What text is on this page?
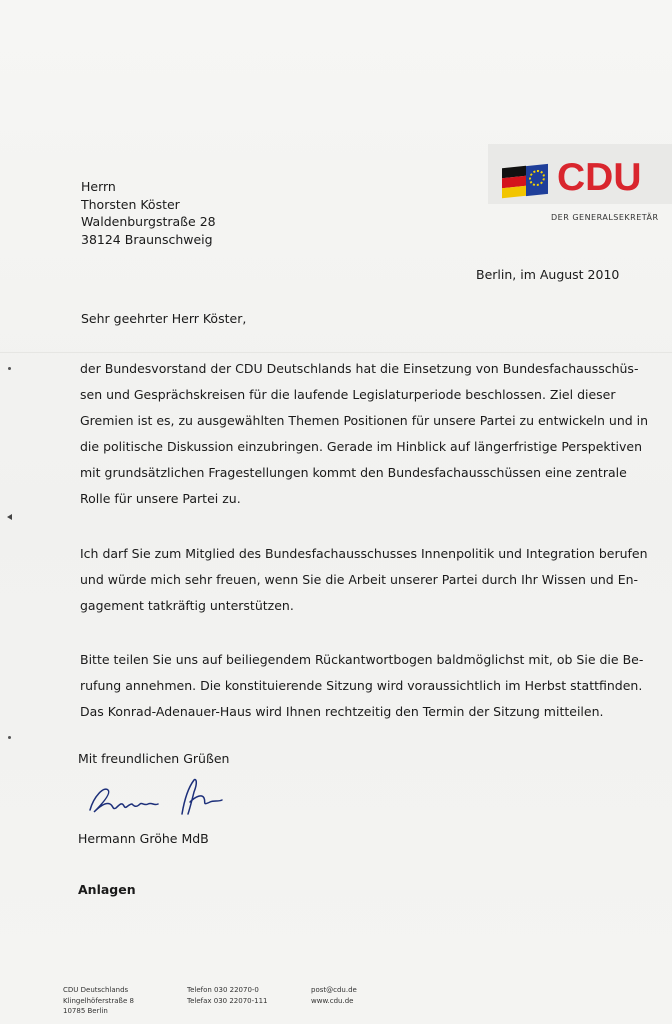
CDU
DER GENERALSEKRETÄR
Herrn
Thorsten Köster
Waldenburgstraße 28
38124 Braunschweig
Berlin, im August 2010
Sehr geehrter Herr Köster,
der Bundesvorstand der CDU Deutschlands hat die Einsetzung von Bundesfachausschüs-
sen und Gesprächskreisen für die laufende Legislaturperiode beschlossen. Ziel dieser
Gremien ist es, zu ausgewählten Themen Positionen für unsere Partei zu entwickeln und in
die politische Diskussion einzubringen. Gerade im Hinblick auf längerfristige Perspektiven
mit grundsätzlichen Fragestellungen kommt den Bundesfachausschüssen eine zentrale
Rolle für unsere Partei zu.
Ich darf Sie zum Mitglied des Bundesfachausschusses Innenpolitik und Integration berufen
und würde mich sehr freuen, wenn Sie die Arbeit unserer Partei durch Ihr Wissen und En-
gagement tatkräftig unterstützen.
Bitte teilen Sie uns auf beiliegendem Rückantwortbogen baldmöglichst mit, ob Sie die Be-
rufung annehmen. Die konstituierende Sitzung wird voraussichtlich im Herbst stattfinden.
Das Konrad-Adenauer-Haus wird Ihnen rechtzeitig den Termin der Sitzung mitteilen.
Mit freundlichen Grüßen
Hermann Gröhe MdB
Anlagen
CDU Deutschlands
Klingelhöferstraße 8
10785 Berlin
Telefon 030 22070-0
Telefax 030 22070-111
post@cdu.de
www.cdu.de
